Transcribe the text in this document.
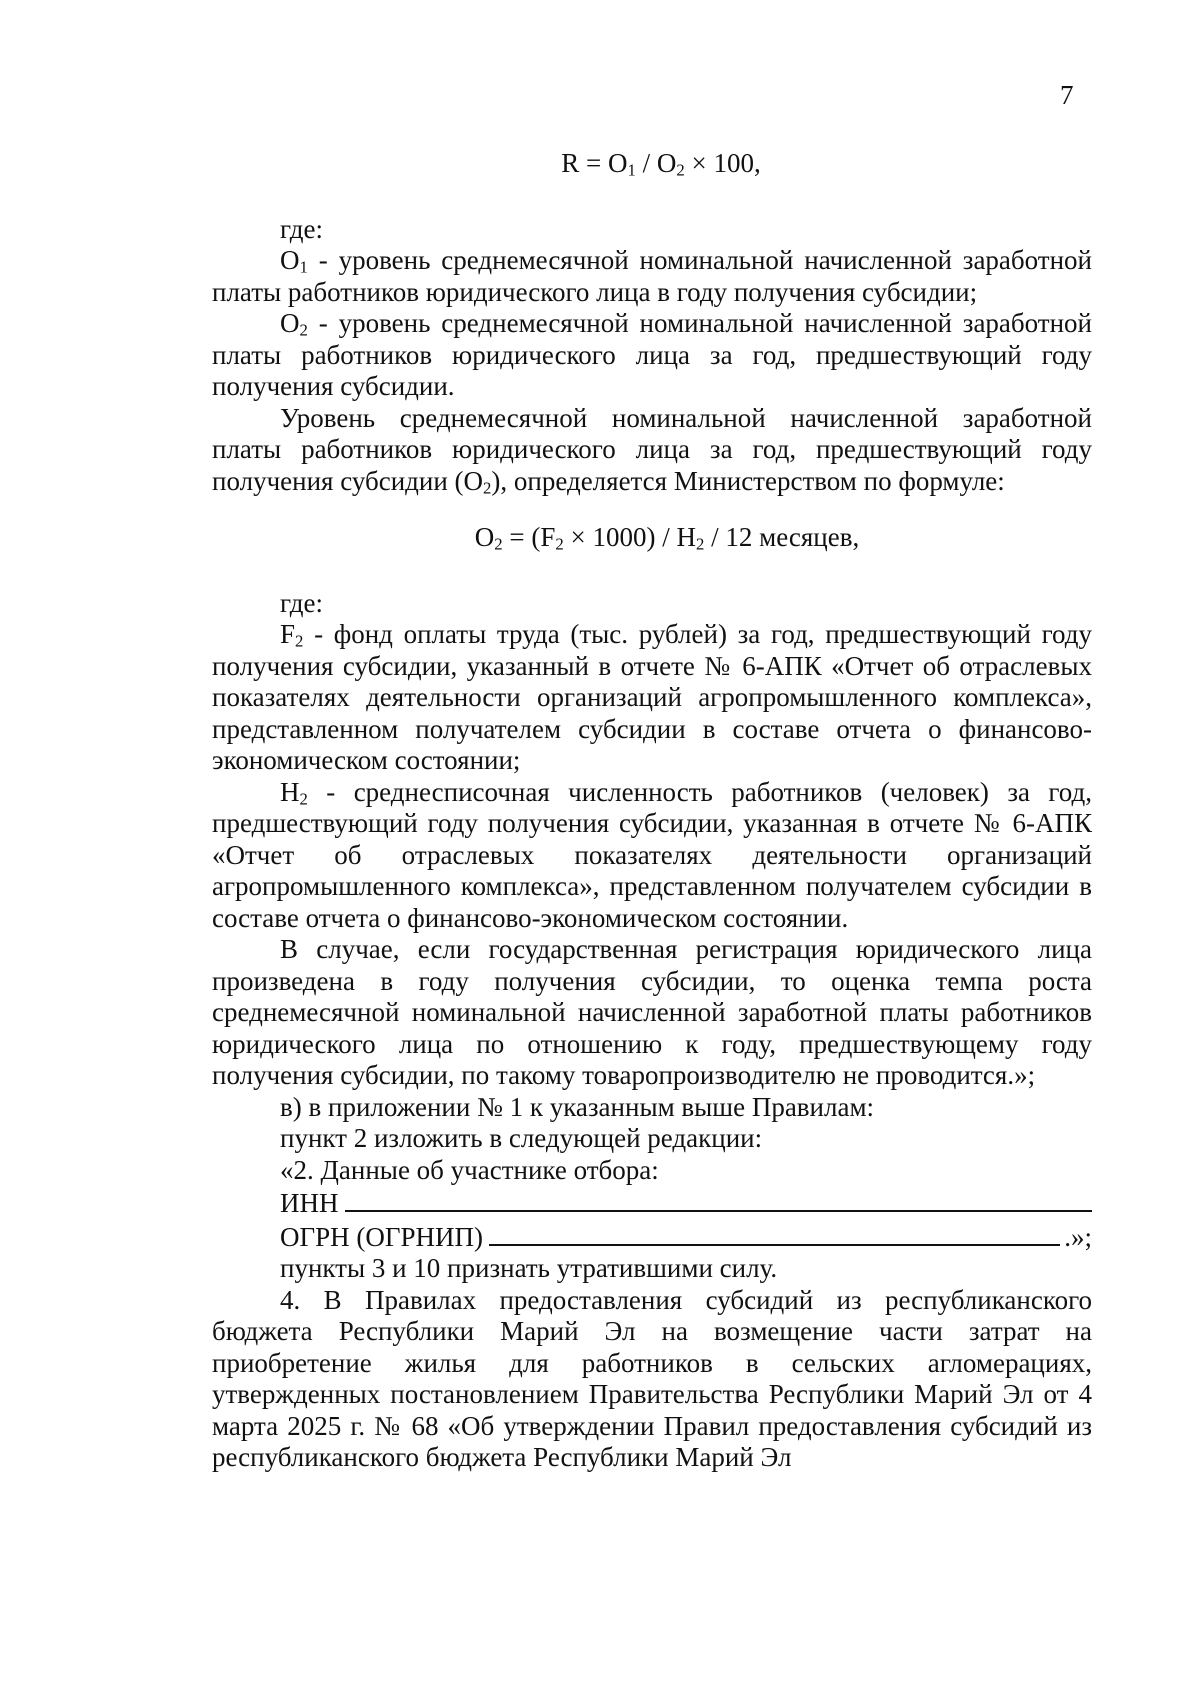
7

$R = O_1 / O_2 \times 100$,

где:

$O_1$ - уровень среднемесячной номинальной начисленной заработной платы работников юридического лица в году получения субсидии;

$O_2$ - уровень среднемесячной номинальной начисленной заработной платы работников юридического лица за год, предшествующий году получения субсидии.

Уровень среднемесячной номинальной начисленной заработной платы работников юридического лица за год, предшествующий году получения субсидии $(O_2)$, определяется Министерством по формуле:

$O_2 = (F_2 \times 1000) / H_2 / 12$ месяцев,

где:

$F_2$ - фонд оплаты труда (тыс. рублей) за год, предшествующий году получения субсидии, указанный в отчете № 6-АПК «Отчет об отраслевых показателях деятельности организаций агропромышленного комплекса», представленном получателем субсидии в составе отчета о финансово-экономическом состоянии;

$H_2$ - среднесписочная численность работников (человек) за год, предшествующий году получения субсидии, указанная в отчете № 6-АПК «Отчет об отраслевых показателях деятельности организаций агропромышленного комплекса», представленном получателем субсидии в составе отчета о финансово-экономическом состоянии.

В случае, если государственная регистрация юридического лица произведена в году получения субсидии, то оценка темпа роста среднемесячной номинальной начисленной заработной платы работников юридического лица по отношению к году, предшествующему году получения субсидии, по такому товаропроизводителю не проводится.»;

в) в приложении № 1 к указанным выше Правилам:

пункт 2 изложить в следующей редакции:

«2. Данные об участнике отбора:

ИНН
ОГРН (ОГРНИП)	.»;

пункты 3 и 10 признать утратившими силу.

4. В Правилах предоставления субсидий из республиканского бюджета Республики Марий Эл на возмещение части затрат на приобретение жилья для работников в сельских агломерациях, утвержденных постановлением Правительства Республики Марий Эл от 4 марта 2025 г. № 68 «Об утверждении Правил предоставления субсидий из республиканского бюджета Республики Марий Эл
